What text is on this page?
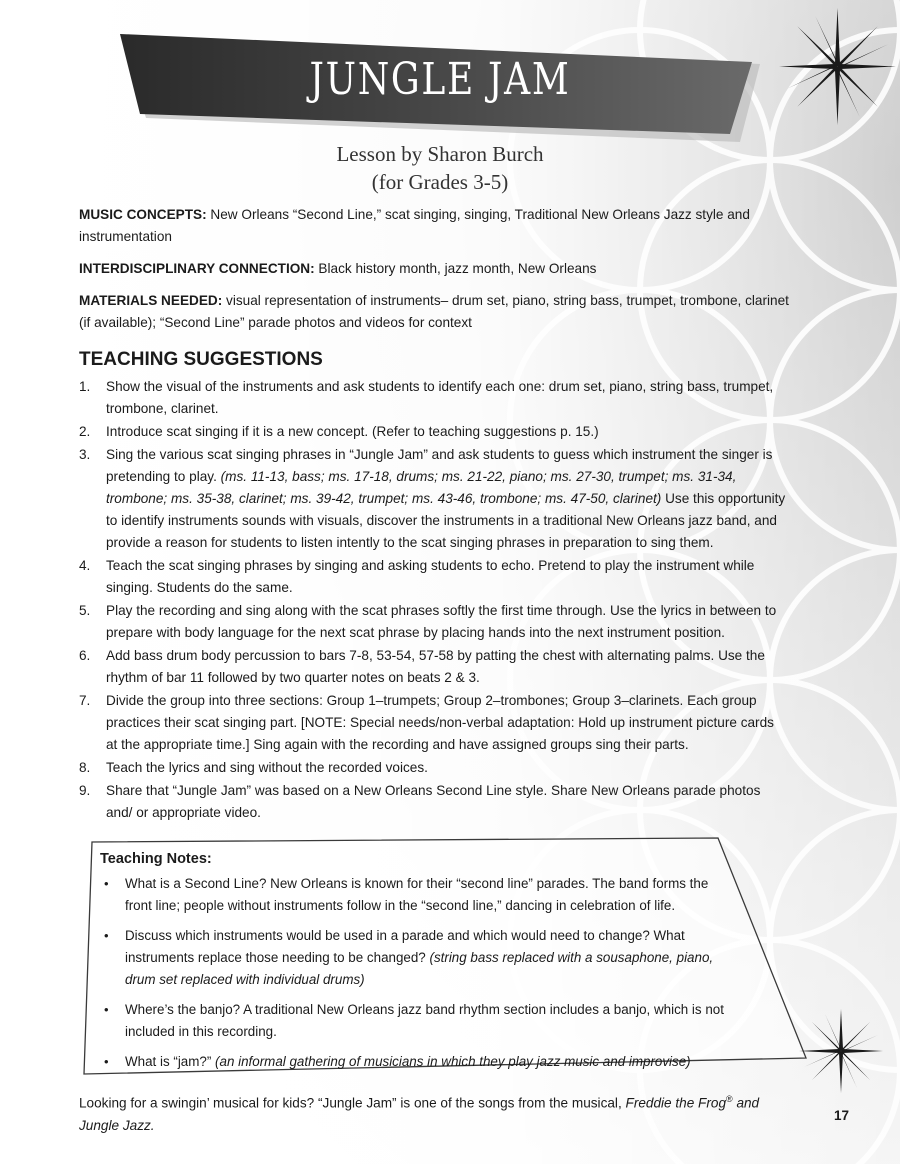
JUNGLE JAM
Lesson by Sharon Burch
(for Grades 3-5)

MUSIC CONCEPTS: New Orleans “Second Line,” scat singing, singing, Traditional New Orleans Jazz style and instrumentation

INTERDISCIPLINARY CONNECTION: Black history month, jazz month, New Orleans

MATERIALS NEEDED: visual representation of instruments– drum set, piano, string bass, trumpet, trombone, clarinet (if available); “Second Line” parade photos and videos for context

TEACHING SUGGESTIONS
1. Show the visual of the instruments and ask students to identify each one: drum set, piano, string bass, trumpet, trombone, clarinet.
2. Introduce scat singing if it is a new concept. (Refer to teaching suggestions p. 15.)
3. Sing the various scat singing phrases in “Jungle Jam” and ask students to guess which instrument the singer is pretending to play. (ms. 11-13, bass; ms. 17-18, drums; ms. 21-22, piano; ms. 27-30, trumpet; ms. 31-34, trombone; ms. 35-38, clarinet; ms. 39-42, trumpet; ms. 43-46, trombone; ms. 47-50, clarinet) Use this opportunity to identify instruments sounds with visuals, discover the instruments in a traditional New Orleans jazz band, and provide a reason for students to listen intently to the scat singing phrases in preparation to sing them.
4. Teach the scat singing phrases by singing and asking students to echo. Pretend to play the instrument while singing. Students do the same.
5. Play the recording and sing along with the scat phrases softly the first time through. Use the lyrics in between to prepare with body language for the next scat phrase by placing hands into the next instrument position.
6. Add bass drum body percussion to bars 7-8, 53-54, 57-58 by patting the chest with alternating palms. Use the rhythm of bar 11 followed by two quarter notes on beats 2 & 3.
7. Divide the group into three sections: Group 1–trumpets; Group 2–trombones; Group 3–clarinets. Each group practices their scat singing part. [NOTE: Special needs/non-verbal adaptation: Hold up instrument picture cards at the appropriate time.] Sing again with the recording and have assigned groups sing their parts.
8. Teach the lyrics and sing without the recorded voices.
9. Share that “Jungle Jam” was based on a New Orleans Second Line style. Share New Orleans parade photos and/ or appropriate video.
Teaching Notes:
• What is a Second Line? New Orleans is known for their “second line” parades. The band forms the front line; people without instruments follow in the “second line,” dancing in celebration of life.
• Discuss which instruments would be used in a parade and which would need to change? What instruments replace those needing to be changed? (string bass replaced with a sousaphone, piano, drum set replaced with individual drums)
• Where’s the banjo? A traditional New Orleans jazz band rhythm section includes a banjo, which is not included in this recording.
• What is “jam?” (an informal gathering of musicians in which they play jazz music and improvise)
Looking for a swingin’ musical for kids? “Jungle Jam” is one of the songs from the musical, Freddie the Frog® and Jungle Jazz.
17
